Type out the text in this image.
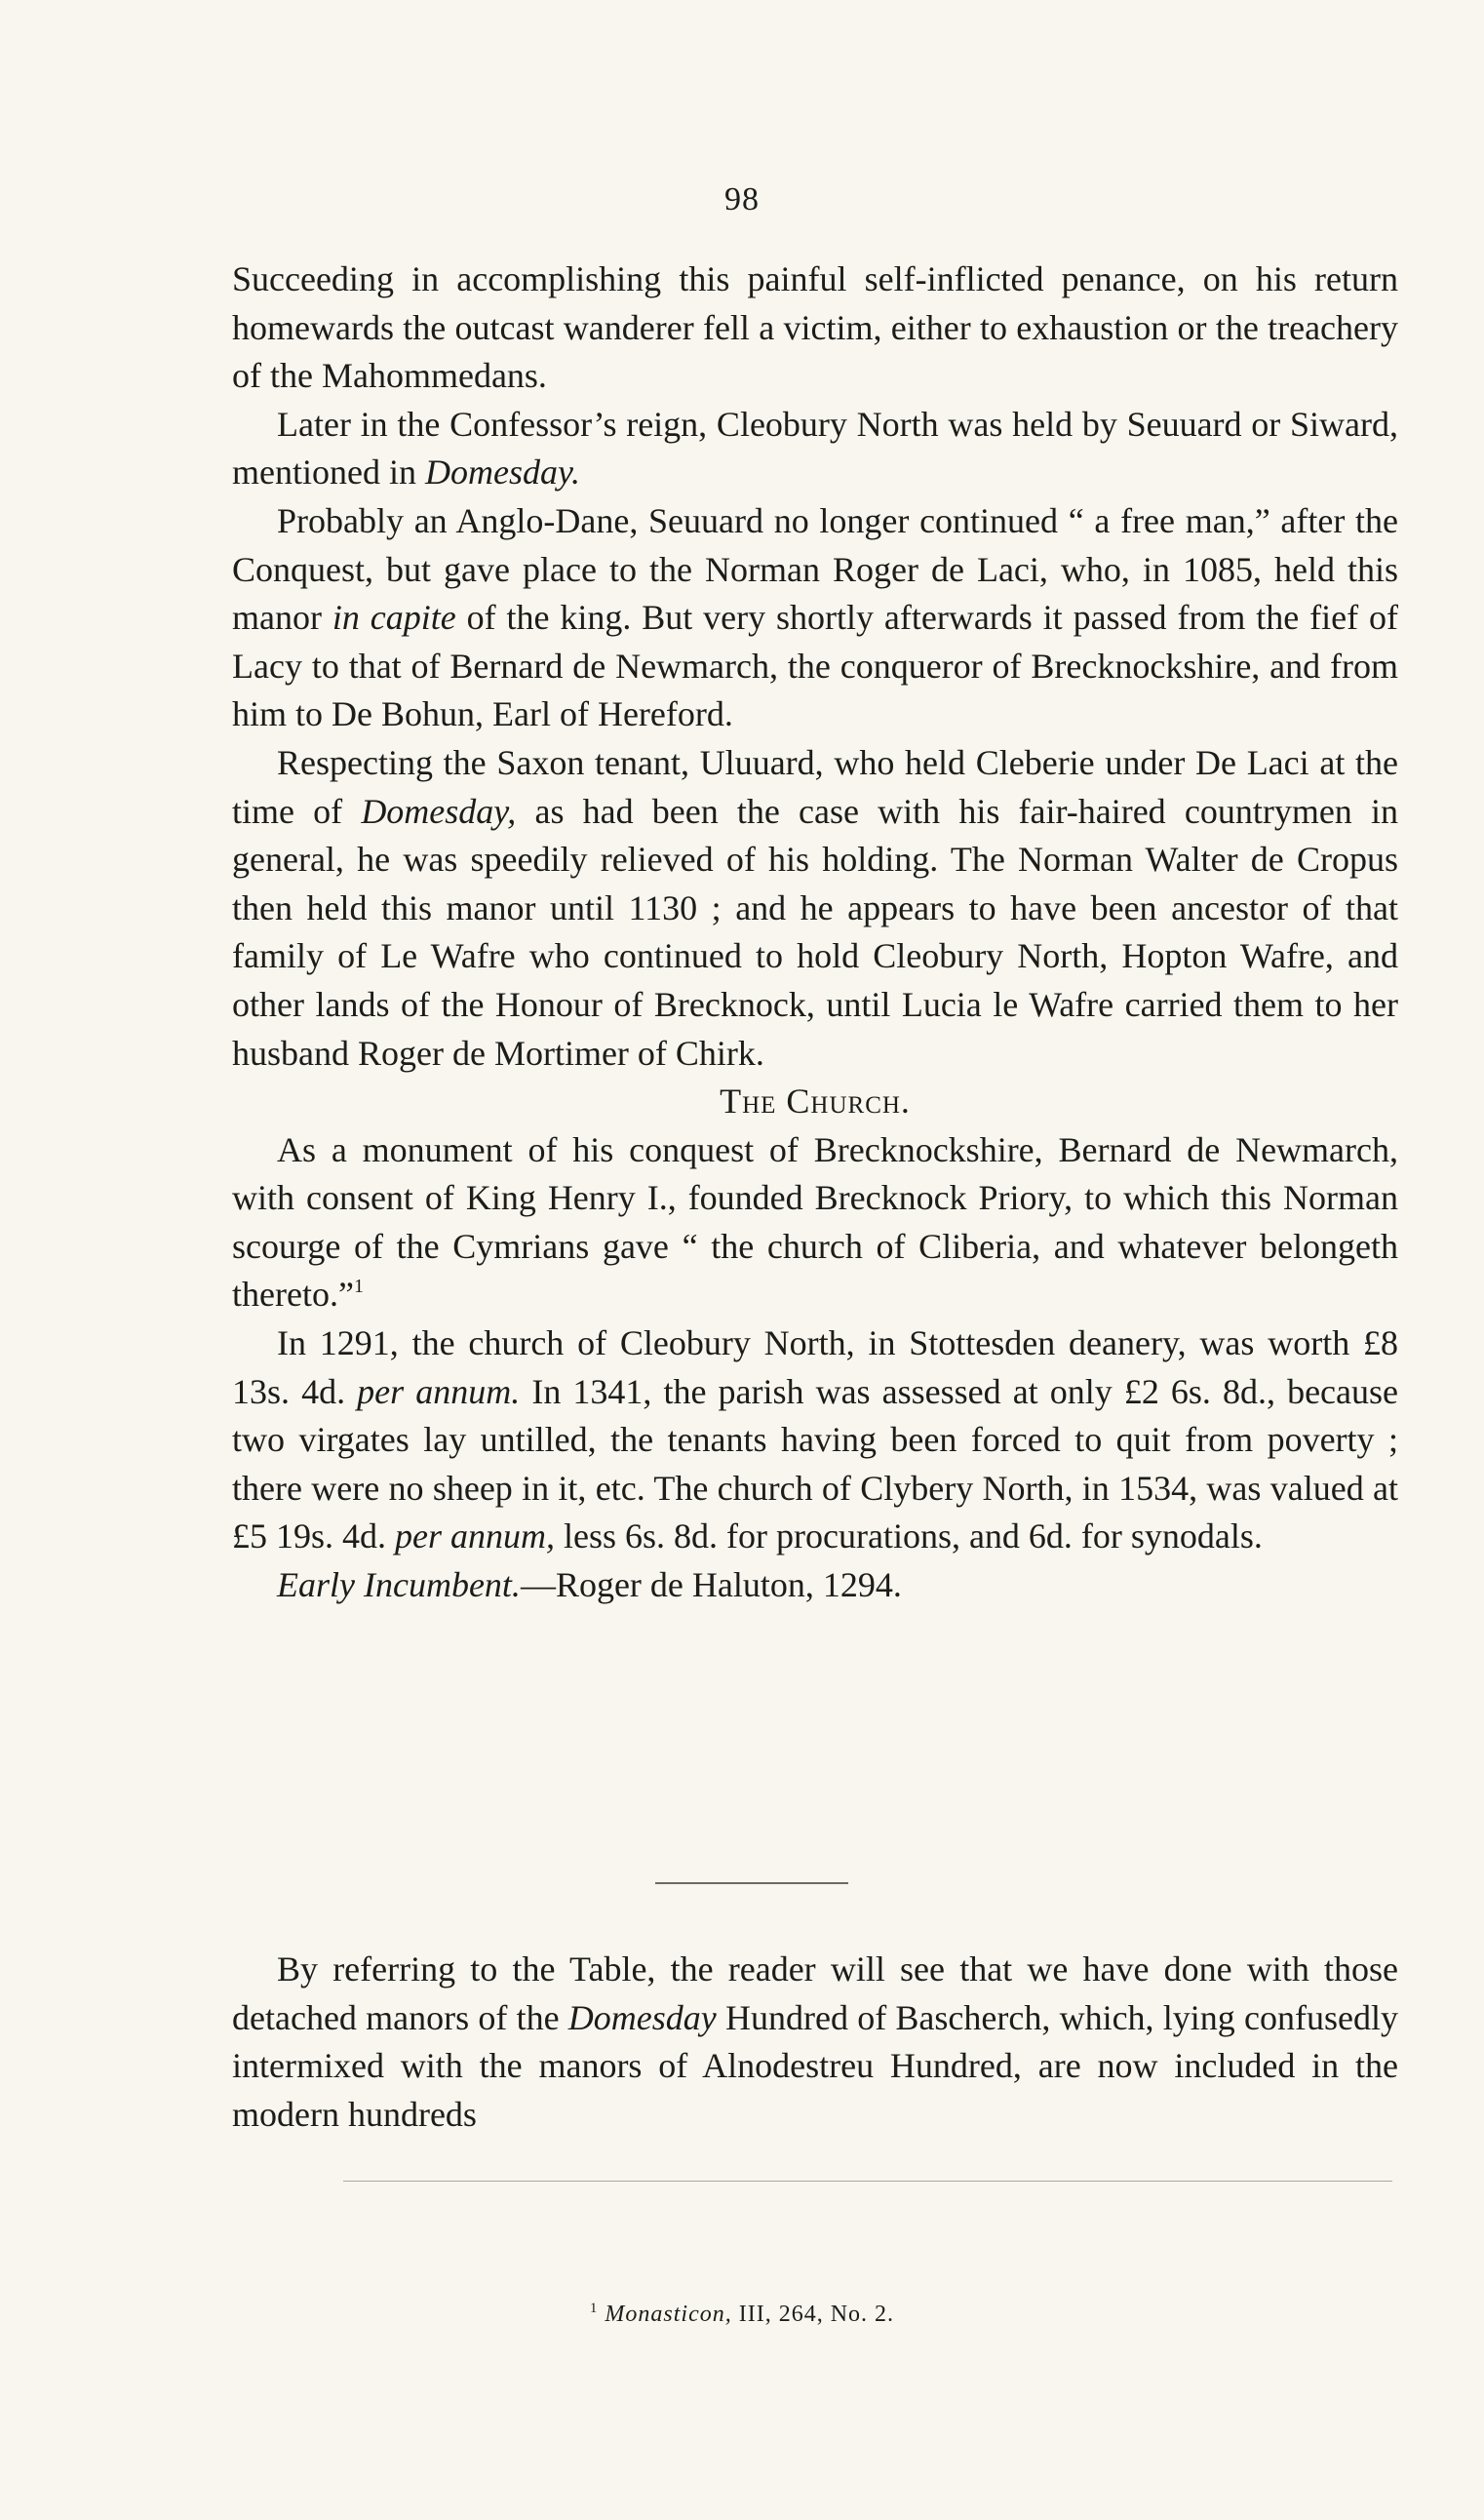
98

Succeeding in accomplishing this painful self-inflicted penance, on his return homewards the outcast wanderer fell a victim, either to exhaustion or the treachery of the Mahommedans.

Later in the Confessor’s reign, Cleobury North was held by Seuuard or Siward, mentioned in Domesday.

Probably an Anglo-Dane, Seuuard no longer continued “ a free man,” after the Conquest, but gave place to the Norman Roger de Laci, who, in 1085, held this manor in capite of the king. But very shortly afterwards it passed from the fief of Lacy to that of Bernard de Newmarch, the conqueror of Brecknockshire, and from him to De Bohun, Earl of Hereford.

Respecting the Saxon tenant, Uluuard, who held Cleberie under De Laci at the time of Domesday, as had been the case with his fair-haired countrymen in general, he was speedily relieved of his holding. The Norman Walter de Cropus then held this manor until 1130 ; and he appears to have been ancestor of that family of Le Wafre who continued to hold Cleobury North, Hopton Wafre, and other lands of the Honour of Brecknock, until Lucia le Wafre carried them to her husband Roger de Mortimer of Chirk.

The Church.

As a monument of his conquest of Brecknockshire, Bernard de Newmarch, with consent of King Henry I., founded Brecknock Priory, to which this Norman scourge of the Cymrians gave “ the church of Cliberia, and whatever belongeth thereto.”$^1$

In 1291, the church of Cleobury North, in Stottesden deanery, was worth £8 13s. 4d. per annum. In 1341, the parish was assessed at only £2 6s. 8d., because two virgates lay untilled, the tenants having been forced to quit from poverty ; there were no sheep in it, etc. The church of Clybery North, in 1534, was valued at £5 19s. 4d. per annum, less 6s. 8d. for procurations, and 6d. for synodals.

Early Incumbent.—Roger de Haluton, 1294.

By referring to the Table, the reader will see that we have done with those detached manors of the Domesday Hundred of Bascherch, which, lying confusedly intermixed with the manors of Alnodestreu Hundred, are now included in the modern hundreds

$^1$ Monasticon, III, 264, No. 2.
